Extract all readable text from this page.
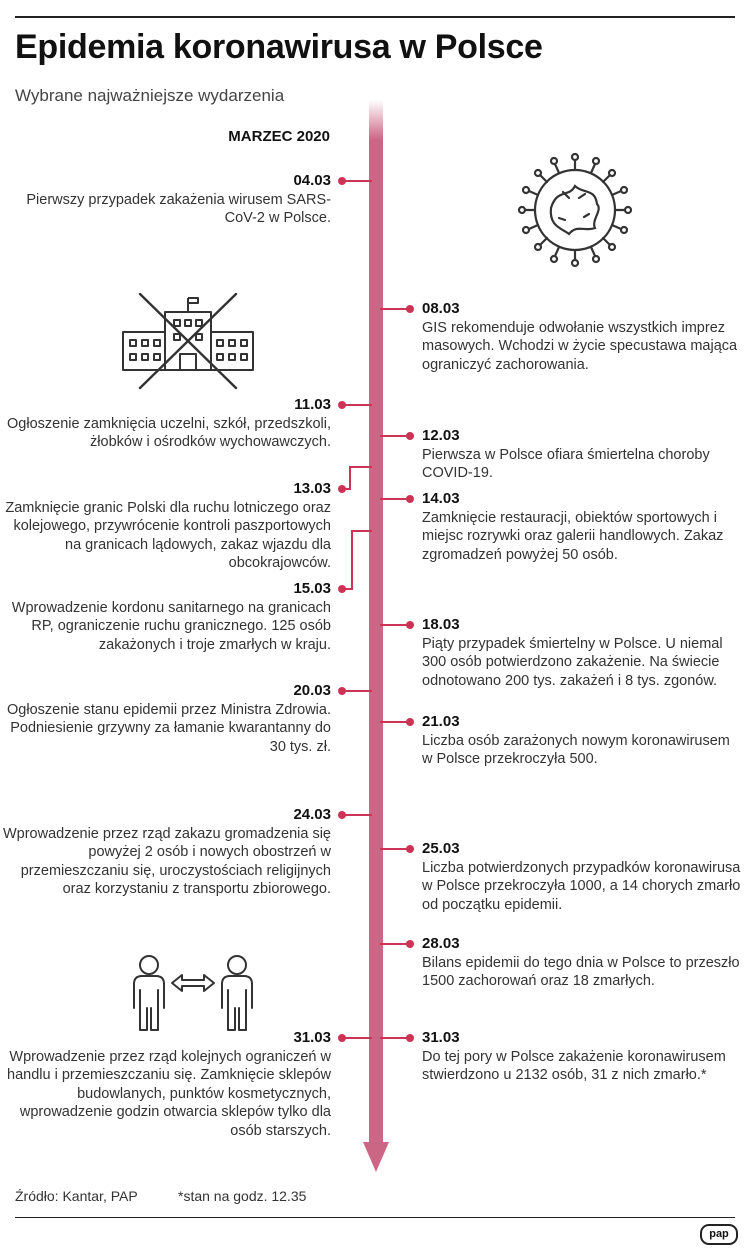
Epidemia koronawirusa w Polsce
Wybrane najważniejsze wydarzenia
MARZEC 2020
04.03
Pierwszy przypadek zakażenia wirusem SARS-CoV-2 w Polsce.
11.03
Ogłoszenie zamknięcia uczelni, szkół, przedszkoli, żłobków i ośrodków wychowawczych.
13.03
Zamknięcie granic Polski dla ruchu lotniczego oraz kolejowego, przywrócenie kontroli paszportowych na granicach lądowych, zakaz wjazdu dla obcokrajowców.
15.03
Wprowadzenie kordonu sanitarnego na granicach RP, ograniczenie ruchu granicznego. 125 osób zakażonych i troje zmarłych w kraju.
20.03
Ogłoszenie stanu epidemii przez Ministra Zdrowia. Podniesienie grzywny za łamanie kwarantanny do 30 tys. zł.
24.03
Wprowadzenie przez rząd zakazu gromadzenia się powyżej 2 osób i nowych obostrzeń w przemieszczaniu się, uroczystościach religijnych oraz korzystaniu z transportu zbiorowego.
31.03
Wprowadzenie przez rząd kolejnych ograniczeń w handlu i przemieszczaniu się. Zamknięcie sklepów budowlanych, punktów kosmetycznych, wprowadzenie godzin otwarcia sklepów tylko dla osób starszych.
08.03
GIS rekomenduje odwołanie wszystkich imprez masowych. Wchodzi w życie specustawa mająca ograniczyć zachorowania.
12.03
Pierwsza w Polsce ofiara śmiertelna choroby COVID-19.
14.03
Zamknięcie restauracji, obiektów sportowych i miejsc rozrywki oraz galerii handlowych. Zakaz zgromadzeń powyżej 50 osób.
18.03
Piąty przypadek śmiertelny w Polsce. U niemal 300 osób potwierdzono zakażenie. Na świecie odnotowano 200 tys. zakażeń i 8 tys. zgonów.
21.03
Liczba osób zarażonych nowym koronawirusem w Polsce przekroczyła 500.
25.03
Liczba potwierdzonych przypadków koronawirusa w Polsce przekroczyła 1000, a 14 chorych zmarło od początku epidemii.
28.03
Bilans epidemii do tego dnia w Polsce to przeszło 1500 zachorowań oraz 18 zmarłych.
31.03
Do tej pory w Polsce zakażenie koronawirusem stwierdzono u 2132 osób, 31 z nich zmarło.*
Źródło: Kantar, PAP	*stan na godz. 12.35
pap
